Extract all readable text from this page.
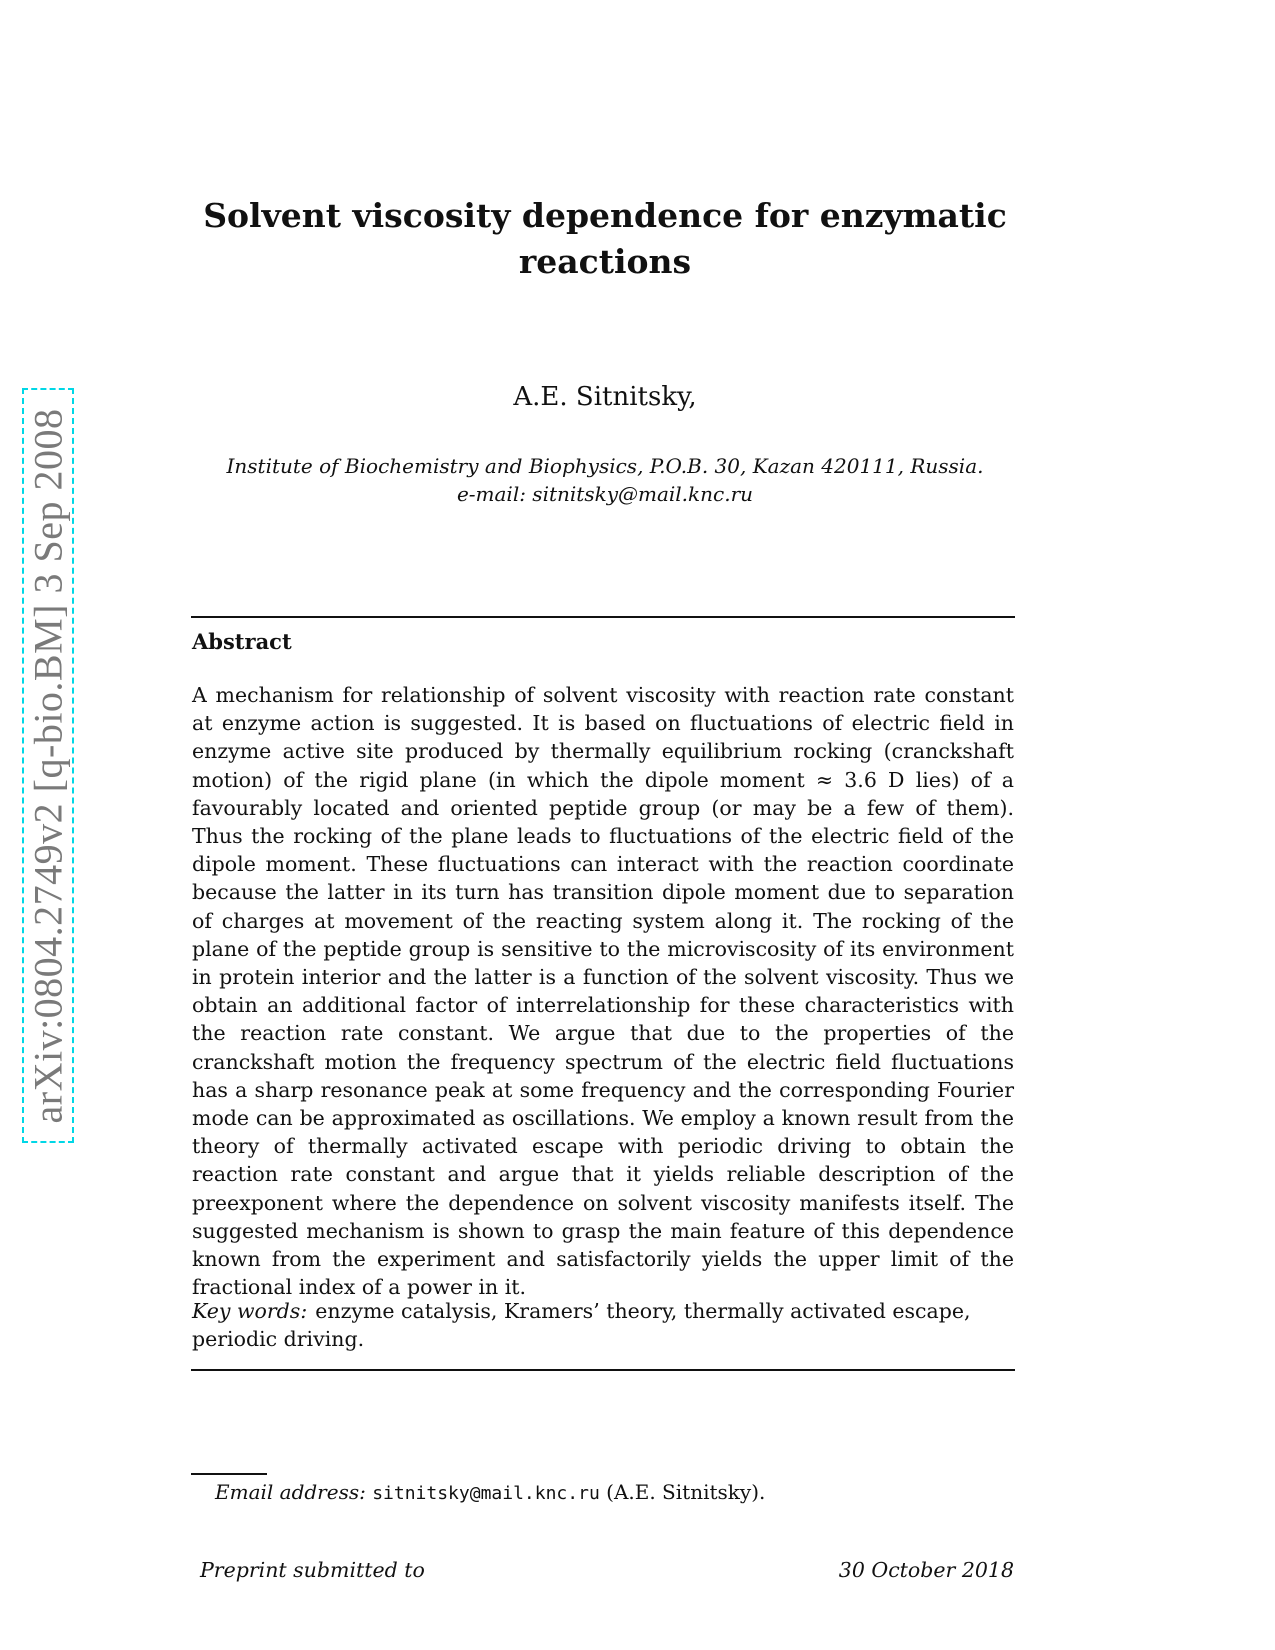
arXiv:0804.2749v2 [q-bio.BM] 3 Sep 2008
Solvent viscosity dependence for enzymatic reactions
A.E. Sitnitsky,
Institute of Biochemistry and Biophysics, P.O.B. 30, Kazan 420111, Russia.
e-mail: sitnitsky@mail.knc.ru
Abstract

A mechanism for relationship of solvent viscosity with reaction rate constant at enzyme action is suggested. It is based on fluctuations of electric field in enzyme active site produced by thermally equilibrium rocking (cranckshaft motion) of the rigid plane (in which the dipole moment ≈ 3.6 D lies) of a favourably located and oriented peptide group (or may be a few of them). Thus the rocking of the plane leads to fluctuations of the electric field of the dipole moment. These fluctuations can interact with the reaction coordinate because the latter in its turn has transition dipole moment due to separation of charges at movement of the reacting system along it. The rocking of the plane of the peptide group is sensitive to the microviscosity of its environment in protein interior and the latter is a function of the solvent viscosity. Thus we obtain an additional factor of interrelationship for these characteristics with the reaction rate constant. We argue that due to the properties of the cranckshaft motion the frequency spectrum of the electric field fluctuations has a sharp resonance peak at some frequency and the corresponding Fourier mode can be approximated as oscillations. We employ a known result from the theory of thermally activated escape with periodic driving to obtain the reaction rate constant and argue that it yields reliable description of the preexponent where the dependence on solvent viscosity manifests itself. The suggested mechanism is shown to grasp the main feature of this dependence known from the experiment and satisfactorily yields the upper limit of the fractional index of a power in it.

Key words: enzyme catalysis, Kramers’ theory, thermally activated escape, periodic driving.

Email address: sitnitsky@mail.knc.ru (A.E. Sitnitsky).
Preprint submitted to	30 October 2018
